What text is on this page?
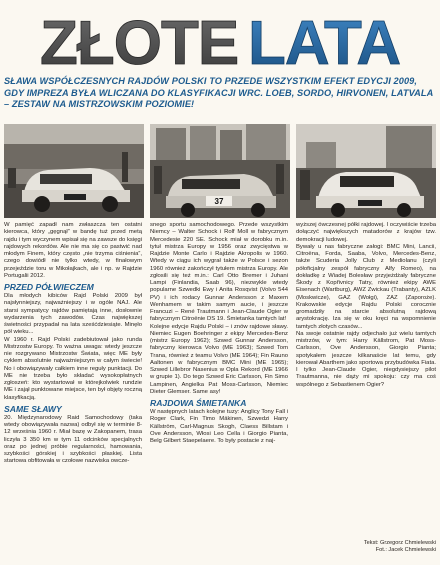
ZŁOTE LATA
SŁAWA WSPÓŁCZESNYCH RAJDÓW POLSKI TO PRZEDE WSZYSTKIM EFEKT EDYCJI 2009, GDY IMPREZA BYŁA WLICZANA DO KLASYFIKACJI WRC. LOEB, SORDO, HIRVONEN, LATVALA – ZESTAW NA MISTRZOWSKIM POZIOMIE!
37

W pamięć zapadł nam zwłaszcza ten ostatni kierowca, który „gęgnął” w bandę tuż przed metą rajdu i tym wyczynem wpisał się na zawsze do księgi rajdowych rekordów. Ale nie ma się co pastwić nad młodym Finem, który często „nie trzyma ciśnienia”, czego dowiódł nie tylko wtedy, w finałowym przejeździe toru w Mikołajkach, ale i np. w Rajdzie Portugalii 2012.

PRZED PÓŁWIECZEM

Dla młodych kibiców Rajd Polski 2009 był najsłynniejszy, najważniejszy i w ogóle NAJ. Ale starsi sympatycy rajdów pamiętają inne, dosłownie wydarzenia tych zawodów. Czas największej świetności przypadał na lata sześćdziesiąte. Minęło pół wieku...

W 1960 r. Rajd Polski zadebiutował jako runda Mistrzostw Europy. To ważna uwaga: wtedy jeszcze nie rozgrywano Mistrzostw Świata, więc ME były cyklem absolutnie najważniejszym w całym świecie! No i obowiązywały całkiem inne reguły punktacji. Do ME nie trzeba było składać wysokopłatnych zgłoszeń: kto wystartował w którejkolwiek rundzie ME i zajął punktowane miejsce, ten był objęty roczną klasyfikacją.

SAME SŁAWY

20. Międzynarodowy Raid Samochodowy (taka wtedy obowiązywała nazwa) odbył się w terminie 8-12 września 1960 r. Miał bazę w Zakopanem, trasa liczyła 3 350 km w tym 11 odcinków specjalnych oraz po jednej próbie regularności, hamowania, szybkości górskiej i szybkości płaskiej. Lista startowa obfitowała w czołowe nazwiska owcze-

snego sportu samochodowego. Przede wszystkim Niemcy – Walter Schock i Rolf Moll w fabrycznym Mercedesie 220 SE. Schock miał w dorobku m.in. tytuł mistrza Europy w 1956 oraz zwycięstwa w Rajdzie Monte Carlo i Rajdzie Akropolis w 1960. Wtedy w ciągu ich wygrał także w Polsce i sezon 1960 również zakończył tytułem mistrza Europy. Ale zgłosili się też m.in.: Carl Otto Bremer i Juhani Lampi (Finlandia, Saab 96), niezwykle wtedy popularne Szwedki Ewy i Anita Rosqvist (Volvo 544 PV) i ich rodacy Gunnar Andersson z Maxem Wenhamem w takim samym aucie, i jeszcze Francuzi – René Trautmann i Jean-Claude Ogier w fabrycznym Citroënie DS 19. Śmietanka tamtych lat!

Kolejne edycje Rajdu Polski – i znów rajdowe sławy. Niemiec Eugen Boehringer z ekipy Mercedes-Benz (mistrz Europy 1962); Szwed Gunnar Andersson, fabryczny kierowca Volvo (ME 1963); Szwed Tom Trana, również z teamu Volvo (ME 1964); Fin Rauno Aaltonen w fabrycznym BMC Mini (ME 1965); Szwed Lillebror Nasenius w Opla Rekord (ME 1966 w grupie 1). Do tego Szwed Eric Carlsson, Fin Simo Lampinen, Angielka Pat Moss-Carlsson, Niemiec Dieter Glemser. Same asy!

RAJDOWA ŚMIETANKA

W następnych latach kolejne tuzy: Anglicy Tony Fall i Roger Clark, Fin Timo Mäkinen, Szwedzi Harry Källström, Carl-Magnus Skogh, Claess Billstam i Ove Andersson, Włosi Leo Cella i Giorgio Pianta, Belg Gilbert Staepelaere. To były postacie z naj-

wyższej ówczesnej półki rajdowej. I oczywiście trzeba dołączyć największych matadorów z krajów tzw. demokracji ludowej.

Bywały u nas fabryczne załogi: BMC Mini, Lancii, Citroëna, Forda, Saaba, Volvo, Mercedes-Benz, także Scuderia Jolly Club z Mediolanu (czyli półoficjalny zespół fabryczny Alfy Romeo), na dokładkę z Wiadej Bolesław przyjeżdżały fabryczne Škody z Kopřivnicy Tatry, również ekipy AWE Eisenach (Wartburg), AWZ Zwickau (Trabanty), AZLK (Moskwicze), GAZ (Wołgi), ZAZ (Zaporoże). Krakowskie edycje Rajdu Polski corocznie gromadziły na starcie absolutną rajdową arystokrację. Iza się w oku kręci na wspomnienie tamtych złotych czasów...

Na swoje ostatnie rajdy odjechało już wielu tamtych mistrzów, w tym: Harry Källstrom, Pat Moss-Carlsson, Ove Andersson, Giorgio Pianta; spotykałem jeszcze kilkanaście lat temu, gdy kierował Abarthem jako sportowa przybudówka Fiata. I tylko Jean-Claude Ogier, niegdysiejszy pilot Trautmanna, nie dąży mi spokoju: czy ma coś wspólnego z Sebastienem Ogier?

Tekst: Grzegorz Chmielewski
Fot.: Jacek Chmielewski
